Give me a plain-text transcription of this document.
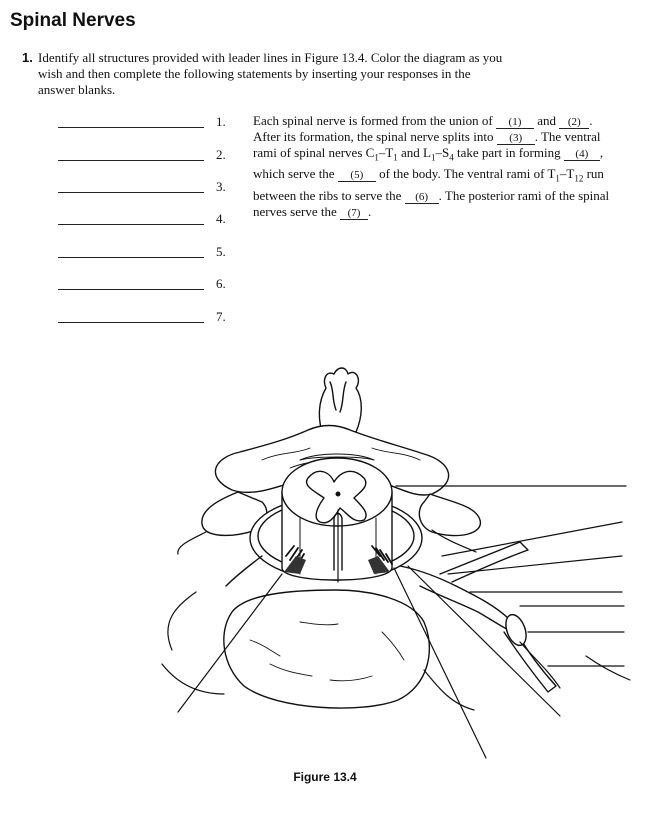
Spinal Nerves
1. Identify all structures provided with leader lines in Figure 13.4. Color the diagram as you wish and then complete the following statements by inserting your responses in the answer blanks.
1.
2.
3.
4.
5.
6.
7.
Each spinal nerve is formed from the union of (1) and (2) . After its formation, the spinal nerve splits into (3) . The ventral rami of spinal nerves $C_1-T_1$ and $L_1-S_4$ take part in forming (4) , which serve the (5) of the body. The ventral rami of $T_1-T_{12}$ run between the ribs to serve the (6) . The posterior rami of the spinal nerves serve the (7) .
Figure 13.4
